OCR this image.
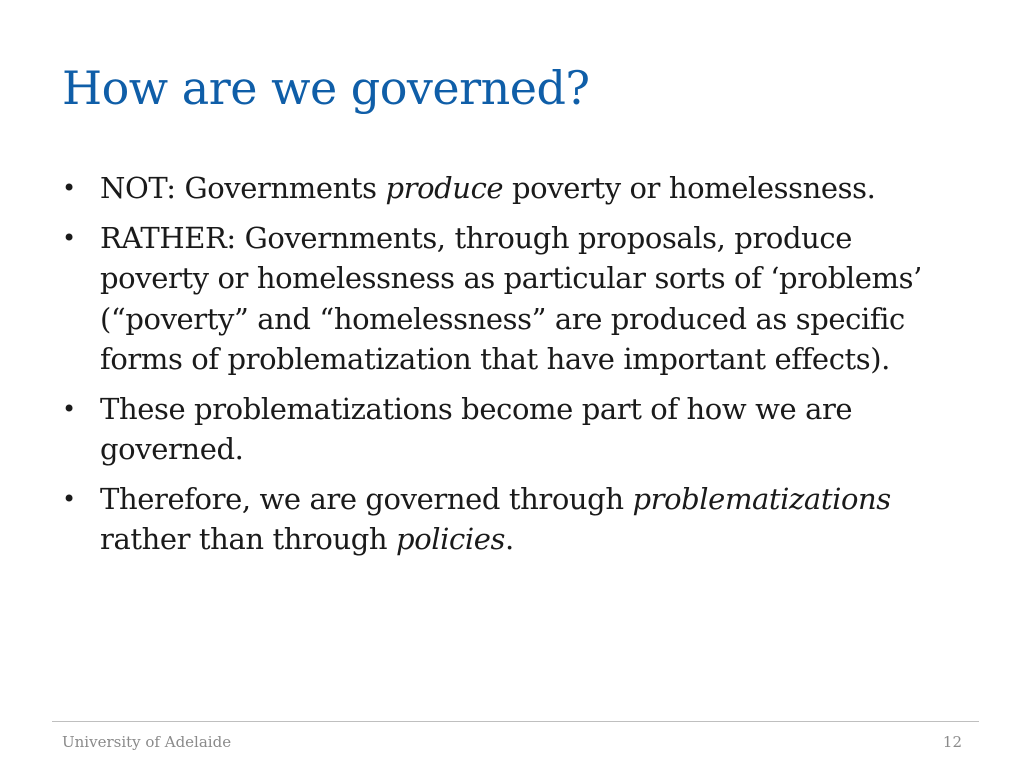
How are we governed?
• NOT: Governments produce poverty or homelessness.
• RATHER: Governments, through proposals, produce poverty or homelessness as particular sorts of ‘problems’ (“poverty” and “homelessness” are produced as specific forms of problematization that have important effects).
• These problematizations become part of how we are governed.
• Therefore, we are governed through problematizations rather than through policies.
University of Adelaide	12
